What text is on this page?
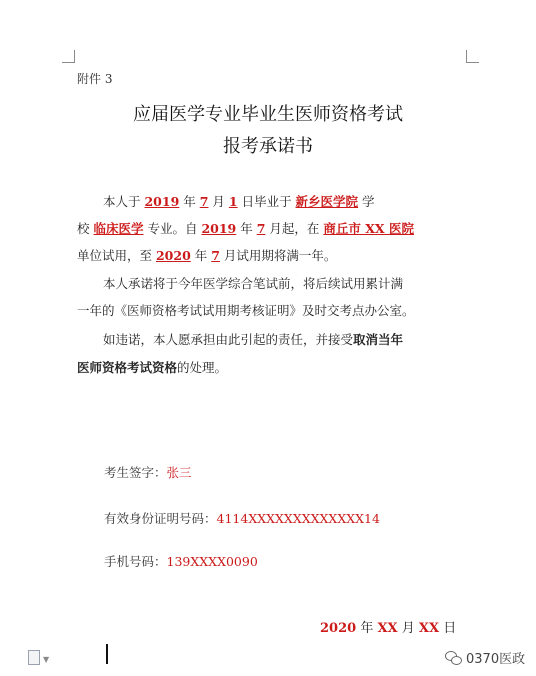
附件 3
应届医学专业毕业生医师资格考试
报考承诺书
本人于 2019 年 7 月 1 日毕业于 新乡医学院 学
校 临床医学 专业。自 2019 年 7 月起，在 商丘市 XX 医院
单位试用，至 2020 年 7 月试用期将满一年。
本人承诺将于今年医学综合笔试前，将后续试用累计满
一年的《医师资格考试试用期考核证明》及时交考点办公室。
如违诺，本人愿承担由此引起的责任，并接受取消当年
医师资格考试资格的处理。
考生签字：张三
有效身份证明号码：4114XXXXXXXXXXXXX14
手机号码：139XXXX0090
2020 年 XX 月 XX 日
▼	0370医政
